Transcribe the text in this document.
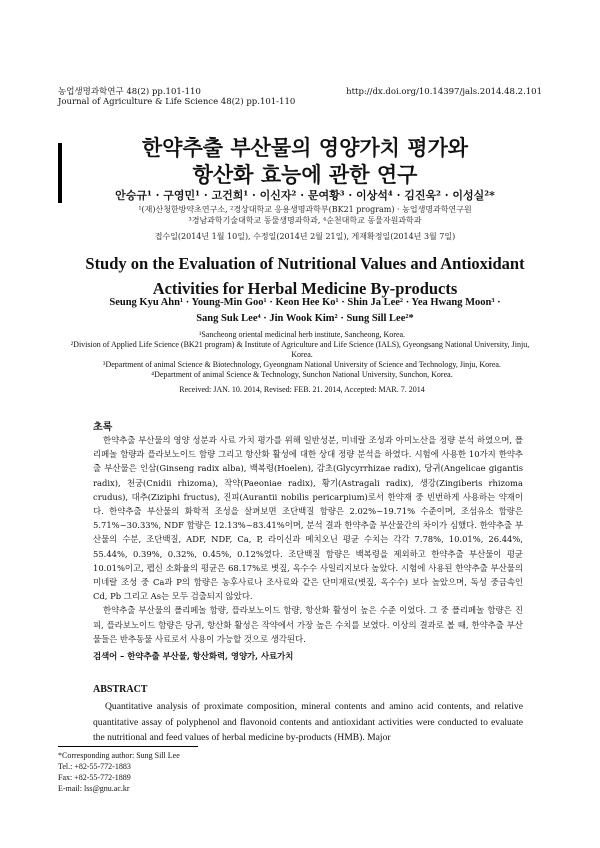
농업생명과학연구 48(2) pp.101-110	http://dx.doi.org/10.14397/jals.2014.48.2.101
Journal of Agriculture & Life Science 48(2) pp.101-110
한약추출 부산물의 영양가치 평가와
항산화 효능에 관한 연구
안승규¹ · 구영민¹ · 고건희¹ · 이신자² · 문여황³ · 이상석⁴ · 김진욱² · 이성실²*
¹(재)산청한방약초연구소, ²경상대학교 응용생명과학부(BK21 program) · 농업생명과학연구원
³경남과학기술대학교 동물생명과학과, ⁴순천대학교 동물자원과학과
접수일(2014년 1월 10일), 수정일(2014년 2월 21일), 게재확정일(2014년 3월 7일)
Study on the Evaluation of Nutritional Values and Antioxidant
Activities for Herbal Medicine By-products
Seung Kyu Ahn¹ · Young-Min Goo¹ · Keon Hee Ko¹ · Shin Ja Lee² · Yea Hwang Moon³ ·
Sang Suk Lee⁴ · Jin Wook Kim² · Sung Sill Lee²*
¹Sancheong oriental medicinal herb institute, Sancheong, Korea.
²Division of Applied Life Science (BK21 program) & Institute of Agriculture and Life Science (IALS), Gyeongsang National University, Jinju,
Korea.
³Department of animal Science & Biotechnology, Gyeongnam National University of Science and Technology, Jinju, Korea.
⁴Department of animal Science & Technology, Sunchon National University, Sunchon, Korea.
Received: JAN. 10. 2014, Revised: FEB. 21. 2014, Accepted: MAR. 7. 2014
초록

한약추출 부산물의 영양 성분과 사료 가치 평가를 위해 일반성분, 미네랄 조성과 아미노산을 정량 분석 하였으며, 폴리페놀 함량과 플라보노이드 함량 그리고 항산화 활성에 대한 상대 정량 분석을 하였다. 시험에 사용한 10가지 한약추출 부산물은 인삼(Ginseng radix alba), 백복령(Hoelen), 감초(Glycyrrhizae radix), 당귀(Angelicae gigantis radix), 천궁(Cnidii rhizoma), 작약(Paeoniae radix), 황기(Astragali radix), 생강(Zingiberis rhizoma crudus), 대추(Ziziphi fructus), 진피(Aurantii nobilis pericarpium)로서 한약재 중 빈번하게 사용하는 약재이다. 한약추출 부산물의 화학적 조성을 살펴보면 조단백질 함량은 2.02%~19.71% 수준이며, 조섬유소 함량은 5.71%~30.33%, NDF 함량은 12.13%~83.41%이며, 분석 결과 한약추출 부산물간의 차이가 심했다. 한약추출 부산물의 수분, 조단백질, ADF, NDF, Ca, P, 라이신과 메치오닌 평균 수치는 각각 7.78%, 10.01%, 26.44%, 55.44%, 0.39%, 0.32%, 0.45%, 0.12%였다. 조단백질 함량은 백복령을 제외하고 한약추출 부산물이 평균 10.01%이고, 펩신 소화율의 평균은 68.17%로 볏짚, 옥수수 사일리지보다 높았다. 시험에 사용된 한약추출 부산물의 미네랄 조성 중 Ca과 P의 함량은 농후사료나 조사료와 같은 단미재료(볏짚, 옥수수) 보다 높았으며, 독성 중금속인 Cd, Pb 그리고 As는 모두 검출되지 않았다.

한약추출 부산물의 폴리페놀 함량, 플라보노이드 함량, 항산화 활성이 높은 수준 이었다. 그 중 폴리페놀 함량은 진피, 플라보노이드 함량은 당귀, 항산화 활성은 작약에서 가장 높은 수치를 보였다. 이상의 결과로 볼 때, 한약추출 부산물들은 반추동물 사료로서 사용이 가능할 것으로 생각된다.

검색어 – 한약추출 부산물, 항산화력, 영양가, 사료가치
ABSTRACT

Quantitative analysis of proximate composition, mineral contents and amino acid contents, and relative quantitative assay of polyphenol and flavonoid contents and antioxidant activities were conducted to evaluate the nutritional and feed values of herbal medicine by-products (HMB). Major

*Corresponding author: Sung Sill Lee
Tel.: +82-55-772-1883
Fax: +82-55-772-1889
E-mail: lss@gnu.ac.kr
